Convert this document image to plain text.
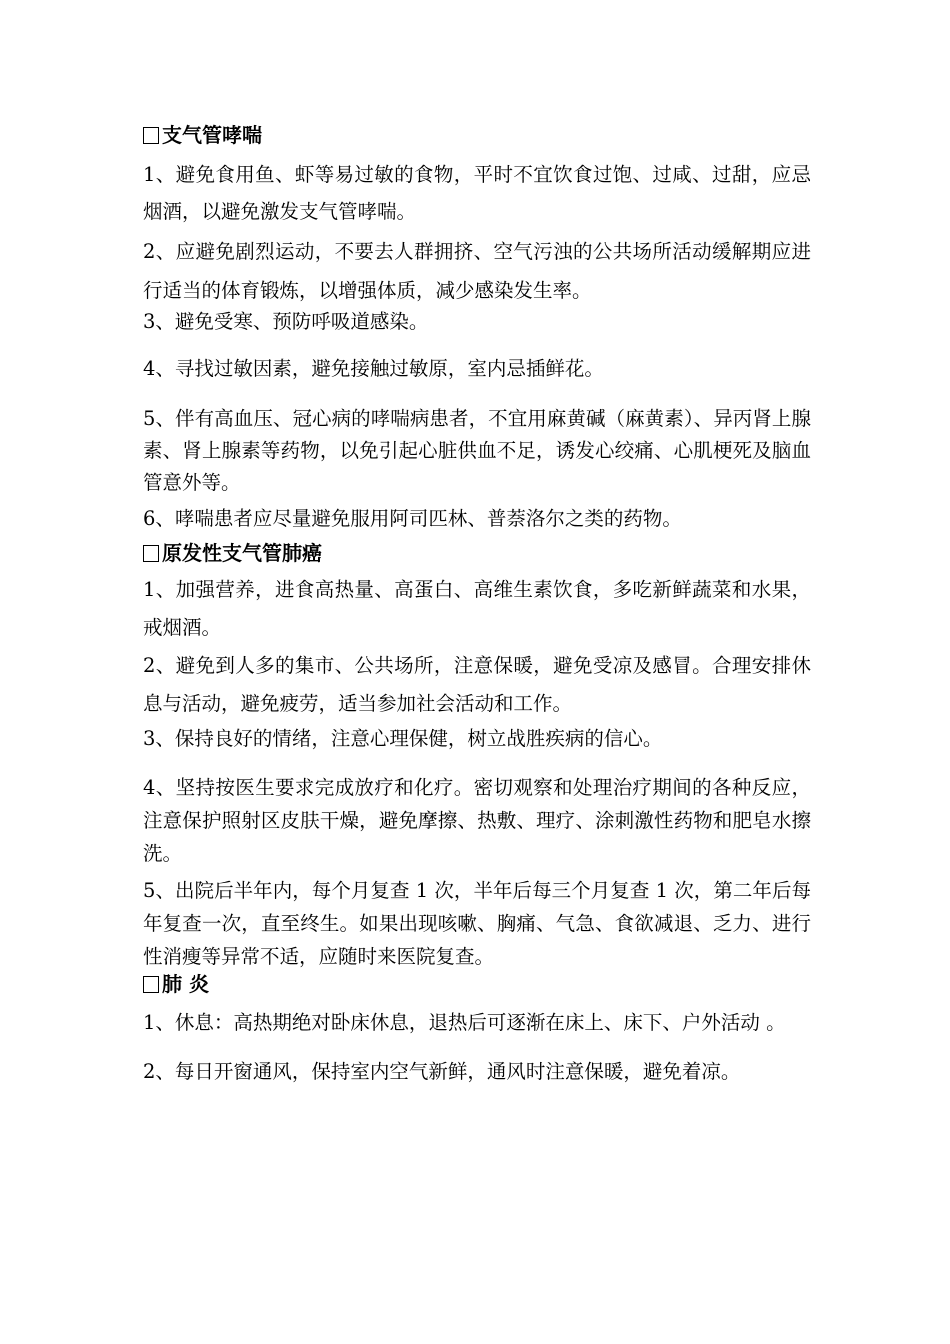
支气管哮喘

1、避免食用鱼、虾等易过敏的食物，平时不宜饮食过饱、过咸、过甜，应忌烟酒，以避免激发支气管哮喘。

2、应避免剧烈运动，不要去人群拥挤、空气污浊的公共场所活动缓解期应进行适当的体育锻炼，以增强体质，减少感染发生率。

3、避免受寒、预防呼吸道感染。

4、寻找过敏因素，避免接触过敏原，室内忌插鲜花。

5、伴有高血压、冠心病的哮喘病患者，不宜用麻黄碱（麻黄素）、异丙肾上腺素、肾上腺素等药物，以免引起心脏供血不足，诱发心绞痛、心肌梗死及脑血管意外等。

6、哮喘患者应尽量避免服用阿司匹林、普萘洛尔之类的药物。

原发性支气管肺癌

1、加强营养，进食高热量、高蛋白、高维生素饮食，多吃新鲜蔬菜和水果，戒烟酒。

2、避免到人多的集市、公共场所，注意保暖，避免受凉及感冒。合理安排休息与活动，避免疲劳，适当参加社会活动和工作。

3、保持良好的情绪，注意心理保健，树立战胜疾病的信心。

4、坚持按医生要求完成放疗和化疗。密切观察和处理治疗期间的各种反应，注意保护照射区皮肤干燥，避免摩擦、热敷、理疗、涂刺激性药物和肥皂水擦洗。

5、出院后半年内，每个月复查 1 次，半年后每三个月复查 1 次，第二年后每年复查一次，直至终生。如果出现咳嗽、胸痛、气急、食欲减退、乏力、进行性消瘦等异常不适，应随时来医院复查。

肺 炎

1、休息：高热期绝对卧床休息，退热后可逐渐在床上、床下、户外活动 。

2、每日开窗通风，保持室内空气新鲜，通风时注意保暖，避免着凉。
